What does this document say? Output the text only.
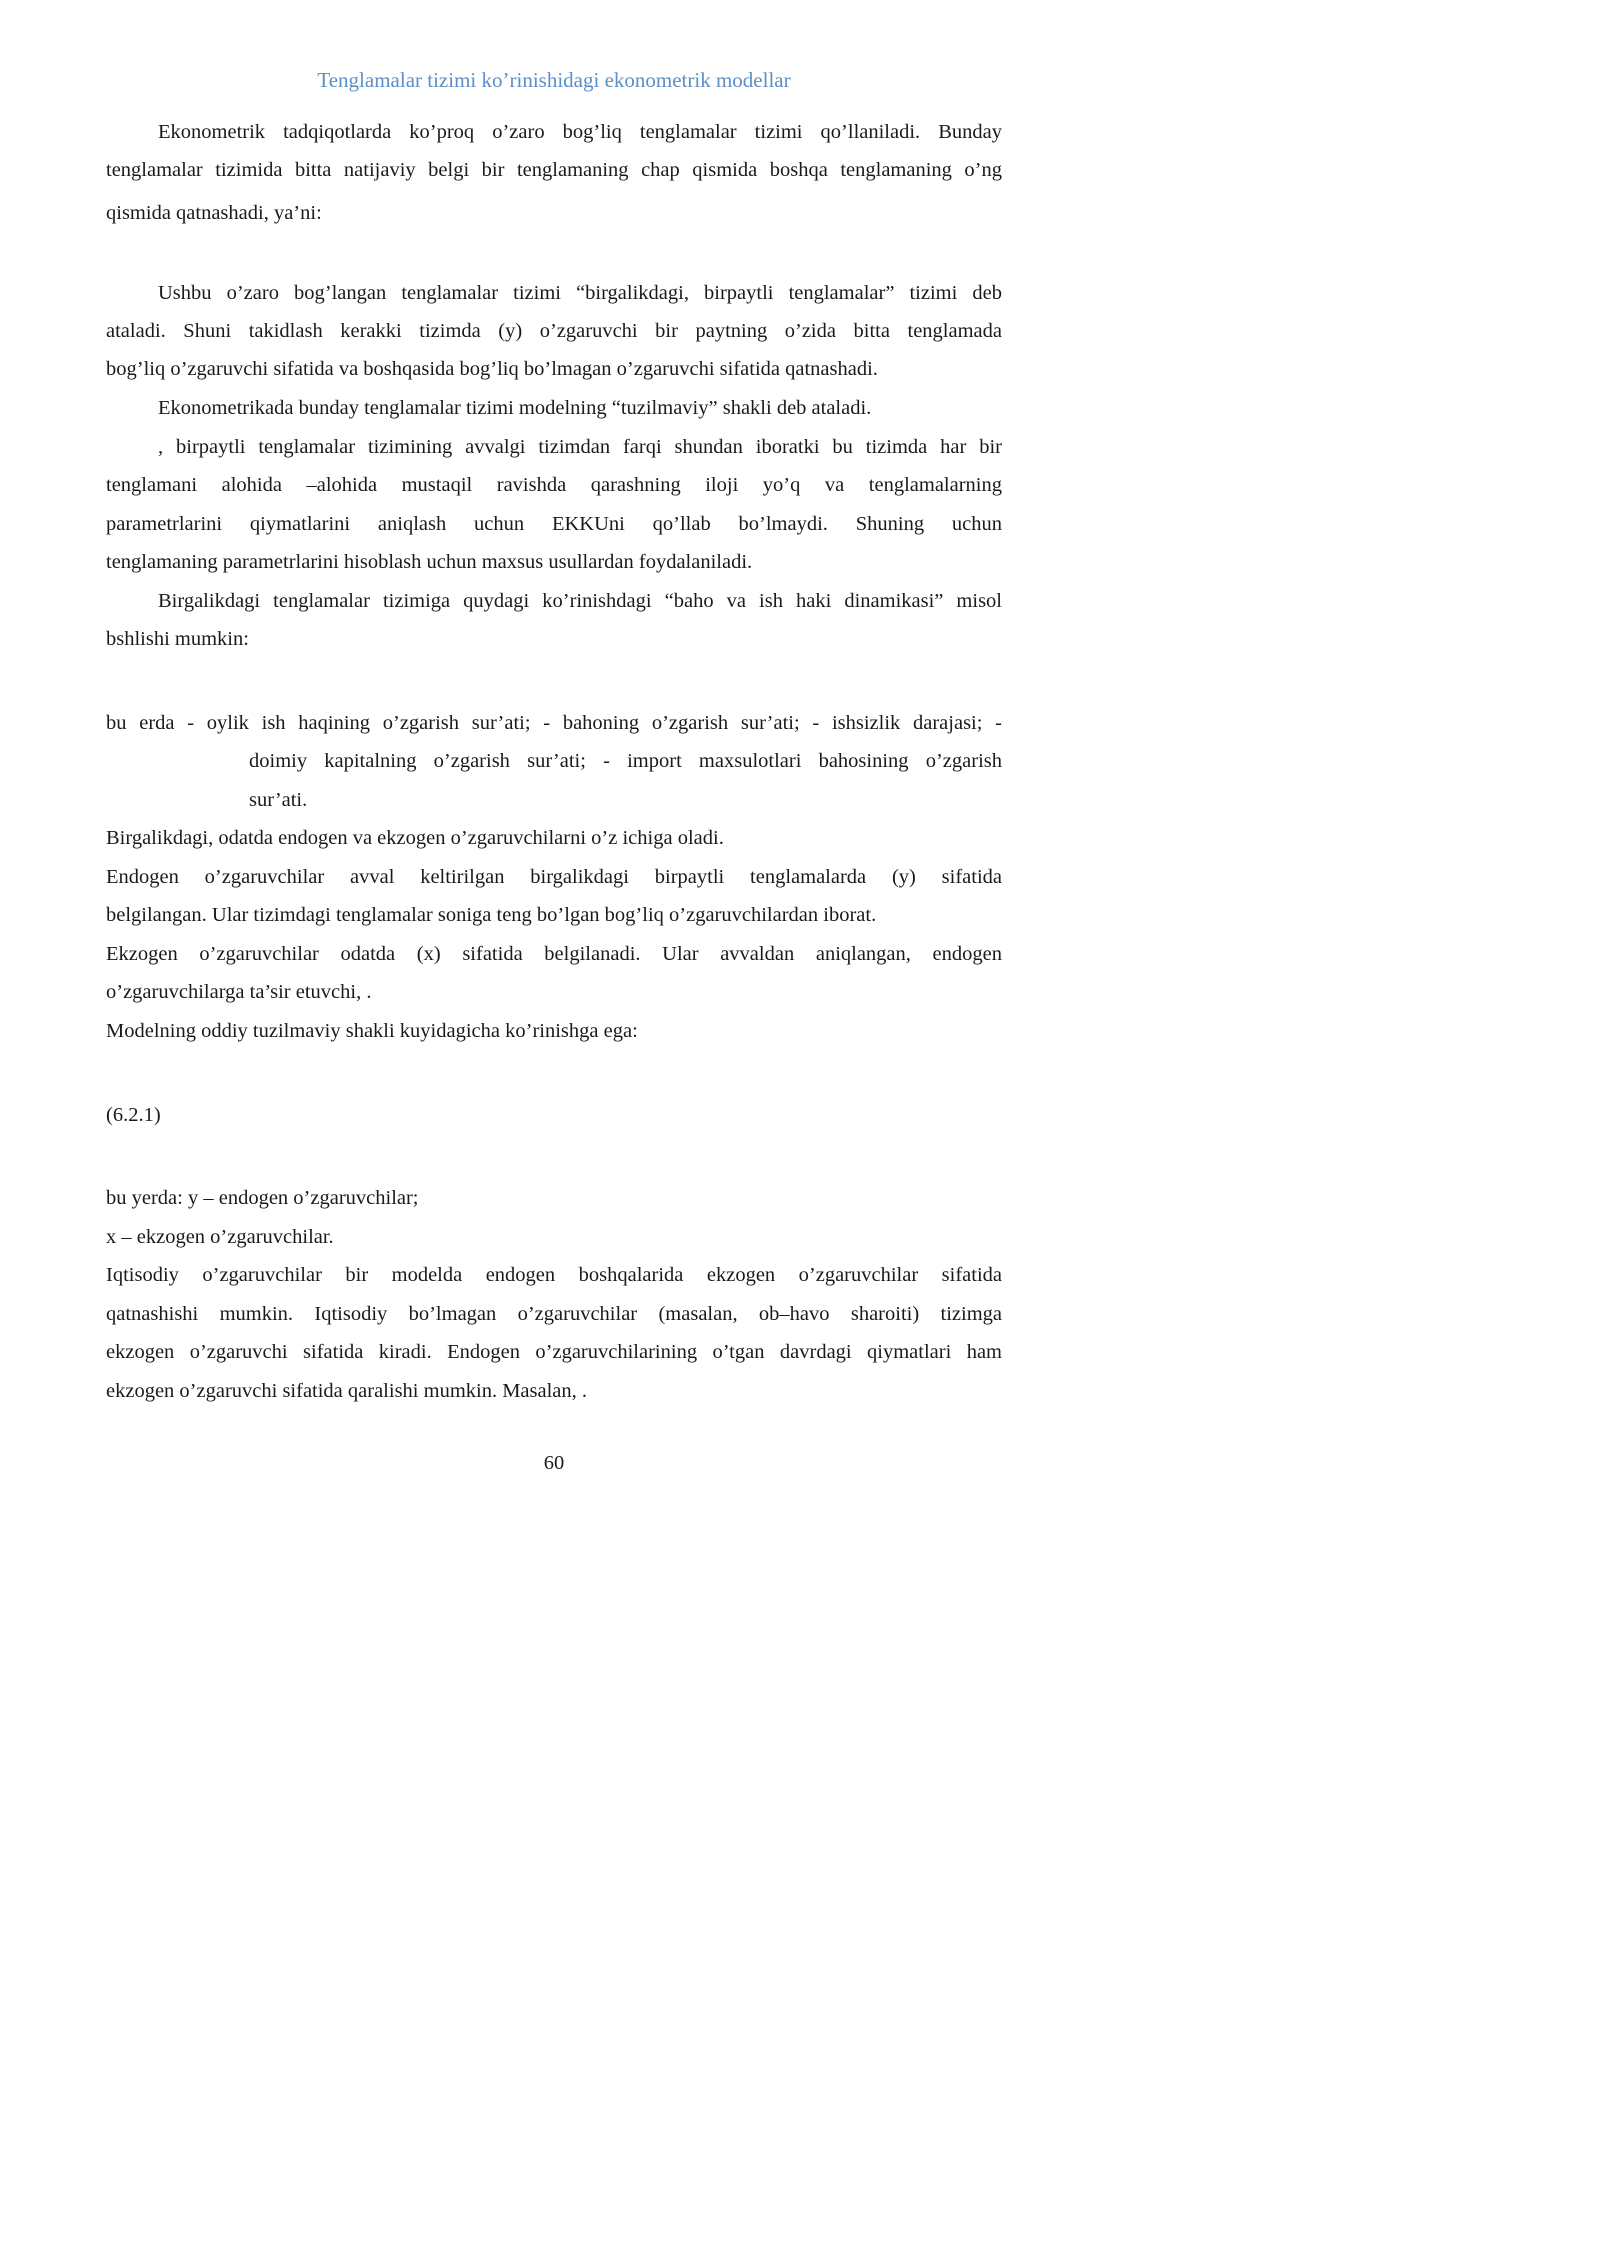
Tenglamalar tizimi ko’rinishidagi ekonometrik modellar
Ekonometrik tadqiqotlarda ko’proq o’zaro bog’liq tenglamalar tizimi qo’llaniladi. Bunday
tenglamalar tizimida bitta natijaviy belgi bir tenglamaning chap qismida boshqa tenglamaning o’ng
qismida qatnashadi, ya’ni:
Ushbu o’zaro bog’langan tenglamalar tizimi “birgalikdagi, birpaytli tenglamalar” tizimi deb
ataladi. Shuni takidlash kerakki tizimda (y) o’zgaruvchi bir paytning o’zida bitta tenglamada
bog’liq o’zgaruvchi sifatida va boshqasida bog’liq bo’lmagan o’zgaruvchi sifatida qatnashadi.
Ekonometrikada bunday tenglamalar tizimi modelning “tuzilmaviy” shakli deb ataladi.
, birpaytli tenglamalar tizimining avvalgi tizimdan farqi shundan iboratki bu tizimda har bir
tenglamani alohida –alohida mustaqil ravishda qarashning iloji yo’q va tenglamalarning
parametrlarini qiymatlarini aniqlash uchun EKKUni qo’llab bo’lmaydi. Shuning uchun
tenglamaning parametrlarini hisoblash uchun maxsus usullardan foydalaniladi.
Birgalikdagi tenglamalar tizimiga quydagi ko’rinishdagi “baho va ish haki dinamikasi” misol
bshlishi mumkin:
bu erda - oylik ish haqining o’zgarish sur’ati; - bahoning o’zgarish sur’ati; - ishsizlik darajasi; -
doimiy kapitalning o’zgarish sur’ati; - import maxsulotlari bahosining o’zgarish
sur’ati.
Birgalikdagi, odatda endogen va ekzogen o’zgaruvchilarni o’z ichiga oladi.
Endogen o’zgaruvchilar avval keltirilgan birgalikdagi birpaytli tenglamalarda (y) sifatida
belgilangan. Ular tizimdagi tenglamalar soniga teng bo’lgan bog’liq o’zgaruvchilardan iborat.
Ekzogen o’zgaruvchilar odatda (x) sifatida belgilanadi. Ular avvaldan aniqlangan, endogen
o’zgaruvchilarga ta’sir etuvchi, .
Modelning oddiy tuzilmaviy shakli kuyidagicha ko’rinishga ega:
(6.2.1)
bu yerda: y – endogen o’zgaruvchilar;
x – ekzogen o’zgaruvchilar.
Iqtisodiy o’zgaruvchilar bir modelda endogen boshqalarida ekzogen o’zgaruvchilar sifatida
qatnashishi mumkin. Iqtisodiy bo’lmagan o’zgaruvchilar (masalan, ob–havo sharoiti) tizimga
ekzogen o’zgaruvchi sifatida kiradi. Endogen o’zgaruvchilarining o’tgan davrdagi qiymatlari ham
ekzogen o’zgaruvchi sifatida qaralishi mumkin. Masalan, .
60
